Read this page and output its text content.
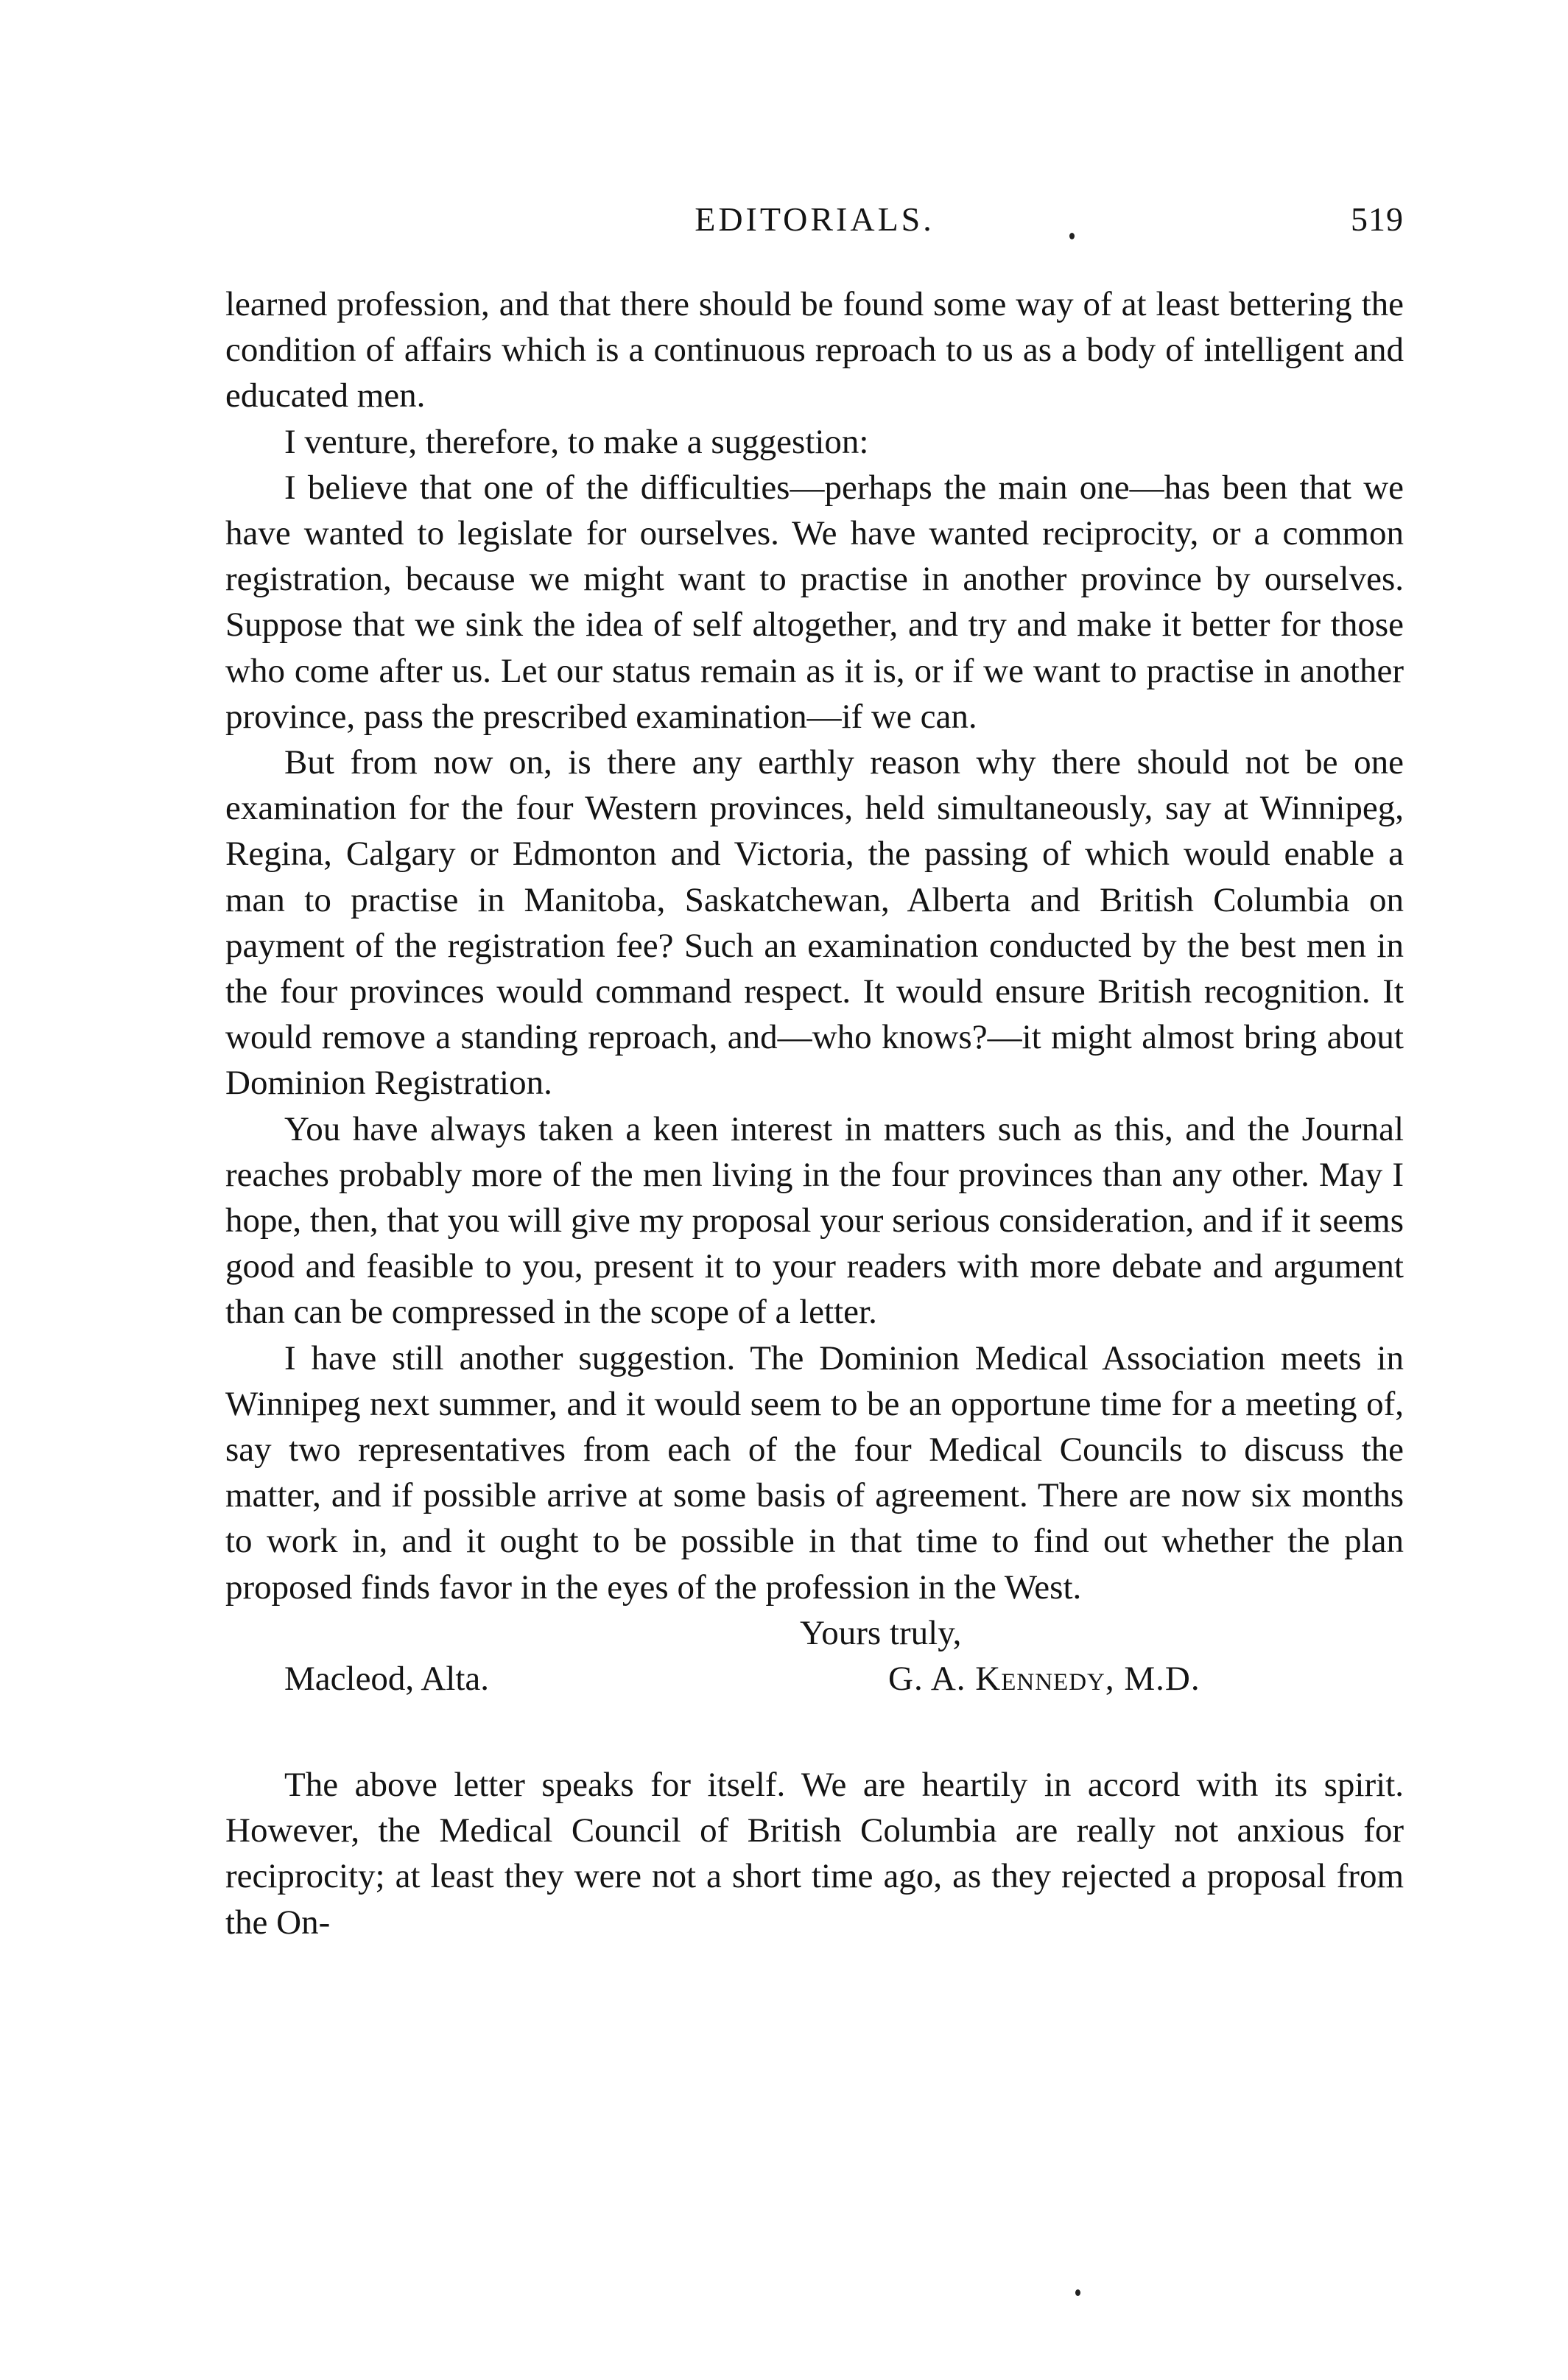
EDITORIALS.	519

learned profession, and that there should be found some way of at least bettering the condition of affairs which is a continuous reproach to us as a body of intelligent and educated men.

I venture, therefore, to make a suggestion:

I believe that one of the difficulties—perhaps the main one—has been that we have wanted to legislate for ourselves. We have wanted reciprocity, or a common registration, because we might want to practise in another province by ourselves. Suppose that we sink the idea of self altogether, and try and make it better for those who come after us. Let our status remain as it is, or if we want to practise in another province, pass the prescribed examination—if we can.

But from now on, is there any earthly reason why there should not be one examination for the four Western provinces, held simultaneously, say at Winnipeg, Regina, Calgary or Edmonton and Victoria, the passing of which would enable a man to practise in Manitoba, Saskatchewan, Alberta and British Columbia on payment of the registration fee? Such an examination conducted by the best men in the four provinces would command respect. It would ensure British recognition. It would remove a standing reproach, and—who knows?—it might almost bring about Dominion Registration.

You have always taken a keen interest in matters such as this, and the Journal reaches probably more of the men living in the four provinces than any other. May I hope, then, that you will give my proposal your serious consideration, and if it seems good and feasible to you, present it to your readers with more debate and argument than can be compressed in the scope of a letter.

I have still another suggestion. The Dominion Medical Association meets in Winnipeg next summer, and it would seem to be an opportune time for a meeting of, say two representatives from each of the four Medical Councils to discuss the matter, and if possible arrive at some basis of agreement. There are now six months to work in, and it ought to be possible in that time to find out whether the plan proposed finds favor in the eyes of the profession in the West.

Yours truly,
Macleod, Alta.	G. A. Kennedy, M.D.

The above letter speaks for itself. We are heartily in accord with its spirit. However, the Medical Council of British Columbia are really not anxious for reciprocity; at least they were not a short time ago, as they rejected a proposal from the On-
